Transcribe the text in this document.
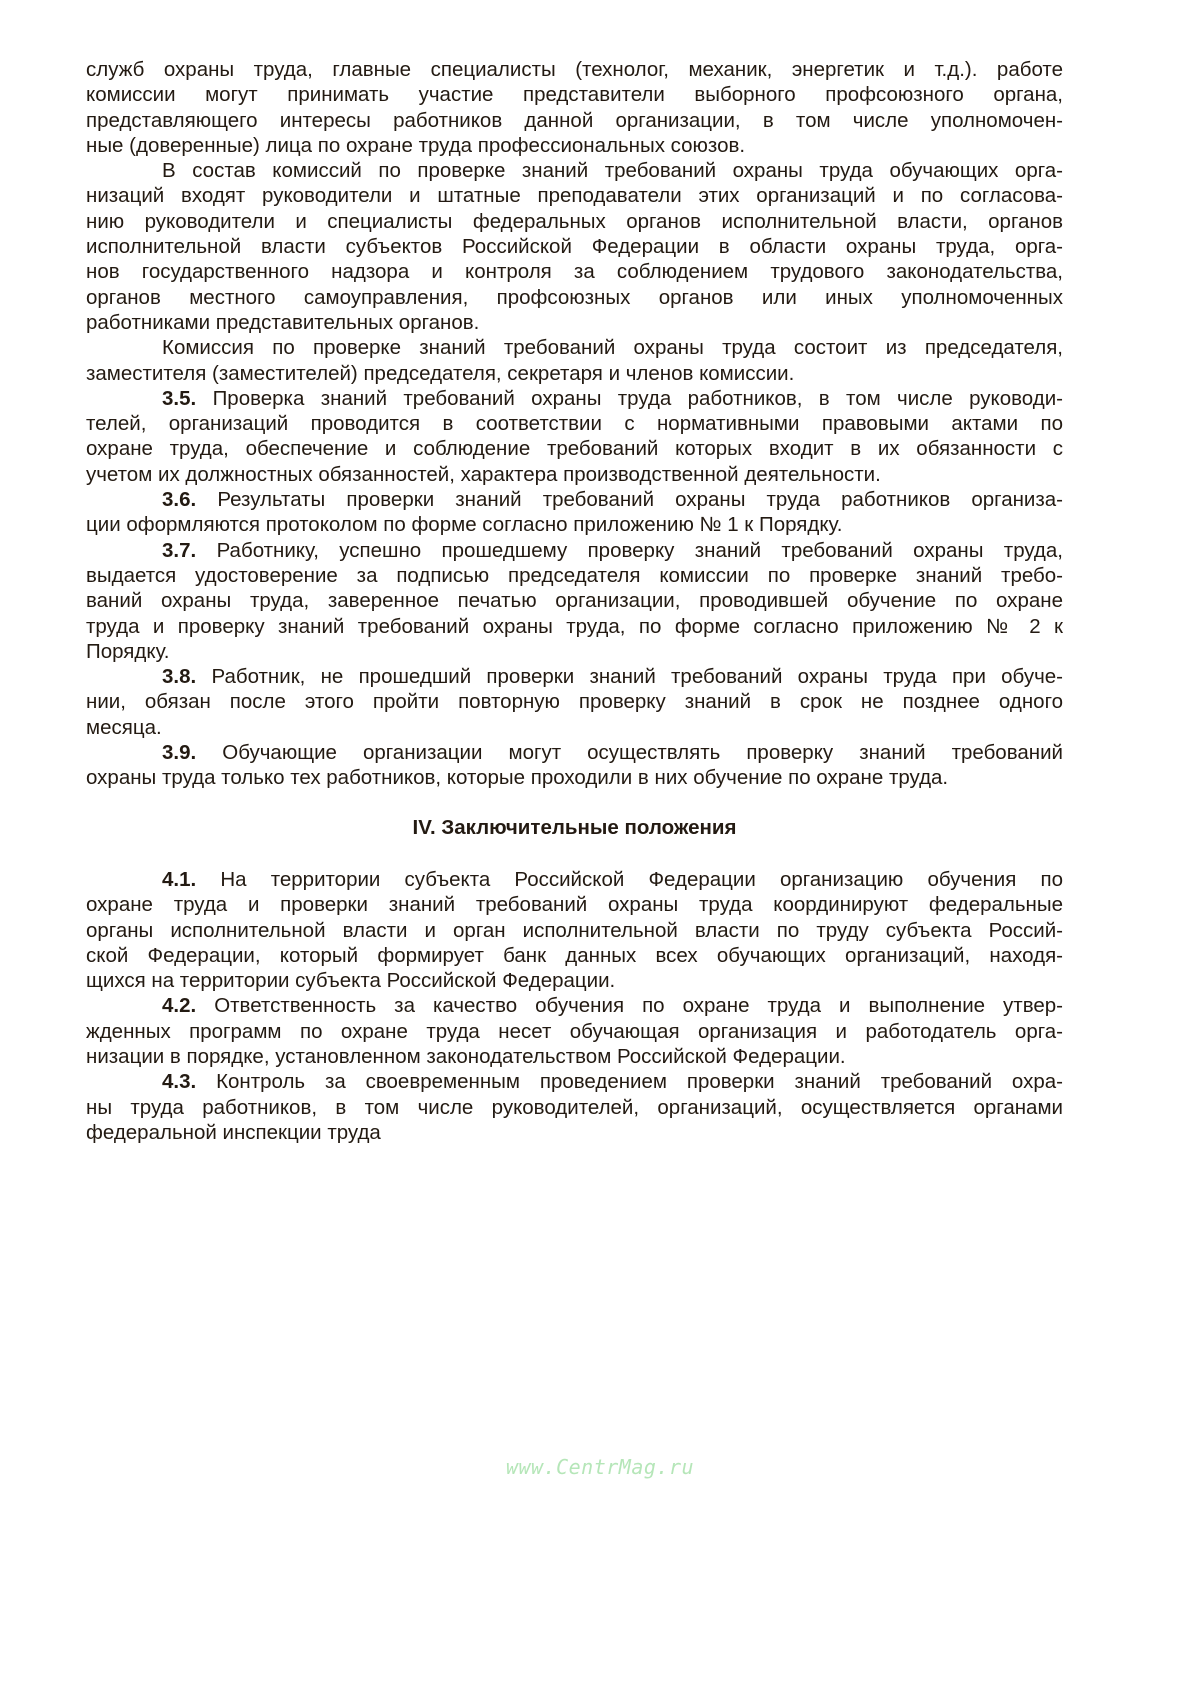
служб охраны труда, главные специалисты (технолог, механик, энергетик и т.д.). работе
комиссии могут принимать участие представители выборного профсоюзного органа,
представляющего интересы работников данной организации, в том числе уполномочен-
ные (доверенные) лица по охране труда профессиональных союзов.
В состав комиссий по проверке знаний требований охраны труда обучающих орга-
низаций входят руководители и штатные преподаватели этих организаций и по согласова-
нию руководители и специалисты федеральных органов исполнительной власти, органов
исполнительной власти субъектов Российской Федерации в области охраны труда, орга-
нов государственного надзора и контроля за соблюдением трудового законодательства,
органов местного самоуправления, профсоюзных органов или иных уполномоченных
работниками представительных органов.
Комиссия по проверке знаний требований охраны труда состоит из председателя,
заместителя (заместителей) председателя, секретаря и членов комиссии.
3.5. Проверка знаний требований охраны труда работников, в том числе руководи-
телей, организаций проводится в соответствии с нормативными правовыми актами по
охране труда, обеспечение и соблюдение требований которых входит в их обязанности с
учетом их должностных обязанностей, характера производственной деятельности.
3.6. Результаты проверки знаний требований охраны труда работников организа-
ции оформляются протоколом по форме согласно приложению № 1 к Порядку.
3.7. Работнику, успешно прошедшему проверку знаний требований охраны труда,
выдается удостоверение за подписью председателя комиссии по проверке знаний требо-
ваний охраны труда, заверенное печатью организации, проводившей обучение по охране
труда и проверку знаний требований охраны труда, по форме согласно приложению № 2 к
Порядку.
3.8. Работник, не прошедший проверки знаний требований охраны труда при обуче-
нии, обязан после этого пройти повторную проверку знаний в срок не позднее одного
месяца.
3.9. Обучающие организации могут осуществлять проверку знаний требований
охраны труда только тех работников, которые проходили в них обучение по охране труда.
IV. Заключительные положения
4.1. На территории субъекта Российской Федерации организацию обучения по
охране труда и проверки знаний требований охраны труда координируют федеральные
органы исполнительной власти и орган исполнительной власти по труду субъекта Россий-
ской Федерации, который формирует банк данных всех обучающих организаций, находя-
щихся на территории субъекта Российской Федерации.
4.2. Ответственность за качество обучения по охране труда и выполнение утвер-
жденных программ по охране труда несет обучающая организация и работодатель орга-
низации в порядке, установленном законодательством Российской Федерации.
4.3. Контроль за своевременным проведением проверки знаний требований охра-
ны труда работников, в том числе руководителей, организаций, осуществляется органами
федеральной инспекции труда
www.CentrMag.ru
